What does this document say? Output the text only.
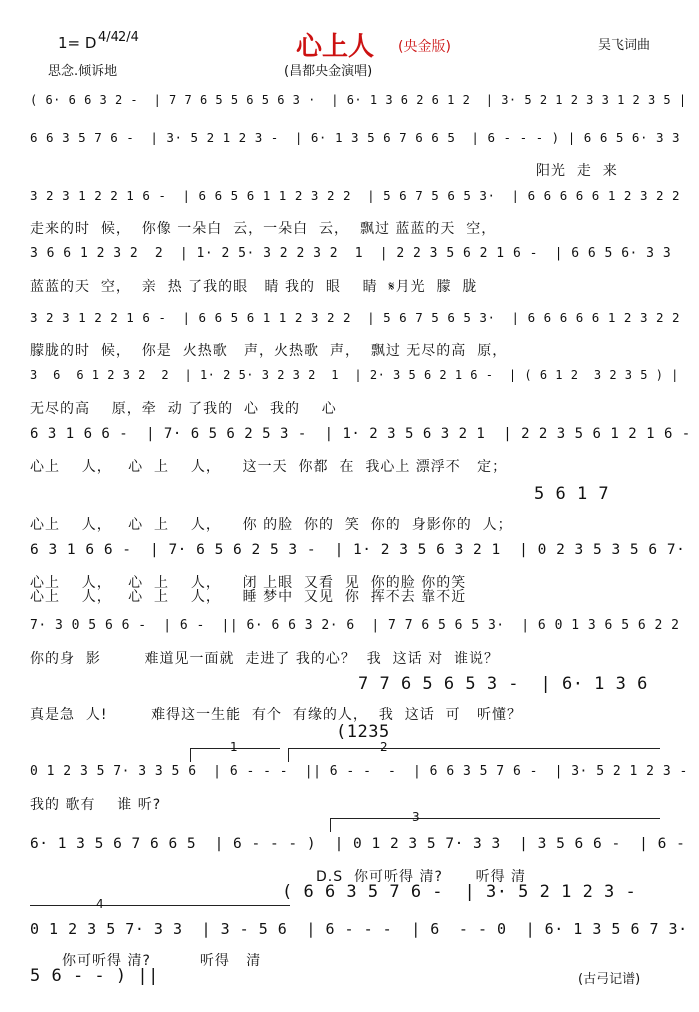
1= D 4/4 2/4	心上人 (央金版)	吴飞词曲
思念.倾诉地	(昌都央金演唱)
( 6· 6 6 3 2 -  | 7 7 6 5 5 6 5 6 3 ·  | 6· 1 3 6 2 6 1 2  | 3· 5 2 1 2 3 3 1 2 3 5 |
6 6 3 5 7 6 -  | 3· 5 2 1 2 3 -  | 6· 1 3 5 6 7 6 6 5  | 6 - - - ) | 6 6 5 6· 3 3
阳光  走  来
3 2 3 1 2 2 1 6 -  | 6 6 5 6 1 1 2 3 2 2  | 5 6 7 5 6 5 3·  | 6 6 6 6 6 1 2 3 2 2
走来的时  候，  你像 一朵白  云，一朵白  云，  飘过 蓝蓝的天  空，
3 6 6 1 2 3 2  2  | 1· 2 5· 3 2 2 3 2  1  | 2 2 3 5 6 2 1 6 -  | 6 6 5 6· 3 3
蓝蓝的天  空，  亲  热 了我的眼   睛 我的  眼    睛  𝄋月光  朦  胧
3 2 3 1 2 2 1 6 -  | 6 6 5 6 1 1 2 3 2 2  | 5 6 7 5 6 5 3·  | 6 6 6 6 6 1 2 3 2 2
朦胧的时  候，  你是  火热歌   声，火热歌  声，  飘过 无尽的高  原，
3  6  6 1 2 3 2  2  | 1· 2 5· 3 2 3 2  1  | 2· 3 5 6 2 1 6 -  | ( 6 1 2  3 2 3 5 ) |
无尽的高    原，牵  动 了我的  心  我的    心
6 3 1 6 6 -  | 7· 6 5 6 2 5 3 -  | 1· 2 3 5 6 3 2 1  | 2 2 3 5 6 1 2 1 6 -
心上    人，   心  上    人，    这一天  你都  在  我心上 漂浮不   定；
5 6 1 7
心上    人，   心  上    人，    你 的脸  你的  笑  你的  身影你的  人；
6 3 1 6 6 -  | 7· 6 5 6 2 5 3 -  | 1· 2 3 5 6 3 2 1  | 0 2 3 5 3 5 6 7·
心上    人，   心  上    人，    闭 上眼  又看  见  你的脸 你的笑
7· 3 0 5 6 6 -  | 6 -  || 6· 6 6 3 2· 6  | 7 7 6 5 6 5 3·  | 6 0 1 3 6 5 6 2 2
你的身  影        难道见一面就  走进了 我的心？  我  这话 对  谁说？
7 7 6 5 6 5 3 -  | 6· 1 3 6
真是急  人!        难得这一生能  有个  有缘的人，  我  这话  可   听懂？
0 1 2 3 5 7· 3 3 5 6  | 6 - - -  || 6 - -  -  | 6 6 3 5 7 6 -  | 3· 5 2 1 2 3 -
我的 歌有    谁 听?
6· 1 3 5 6 7 6 6 5  | 6 - - - )  | 0 1 2 3 5 7· 3 3  | 3 5 6 6 -  | 6 -
D.S  你可听得 清?      听得 清
( 6 6 3 5 7 6 -  | 3· 5 2 1 2 3 -
0 1 2 3 5 7· 3 3  | 3 - 5 6  | 6 - - -  | 6  - - 0  | 6· 1 3 5 6 7 3·
你可听得 清?         听得   清
5 6 - - ) ||
1	2
(1235
3
4
心上    人，   心  上    人，    睡 梦中  又见  你  挥不去 靠不近
(古弓记谱)
